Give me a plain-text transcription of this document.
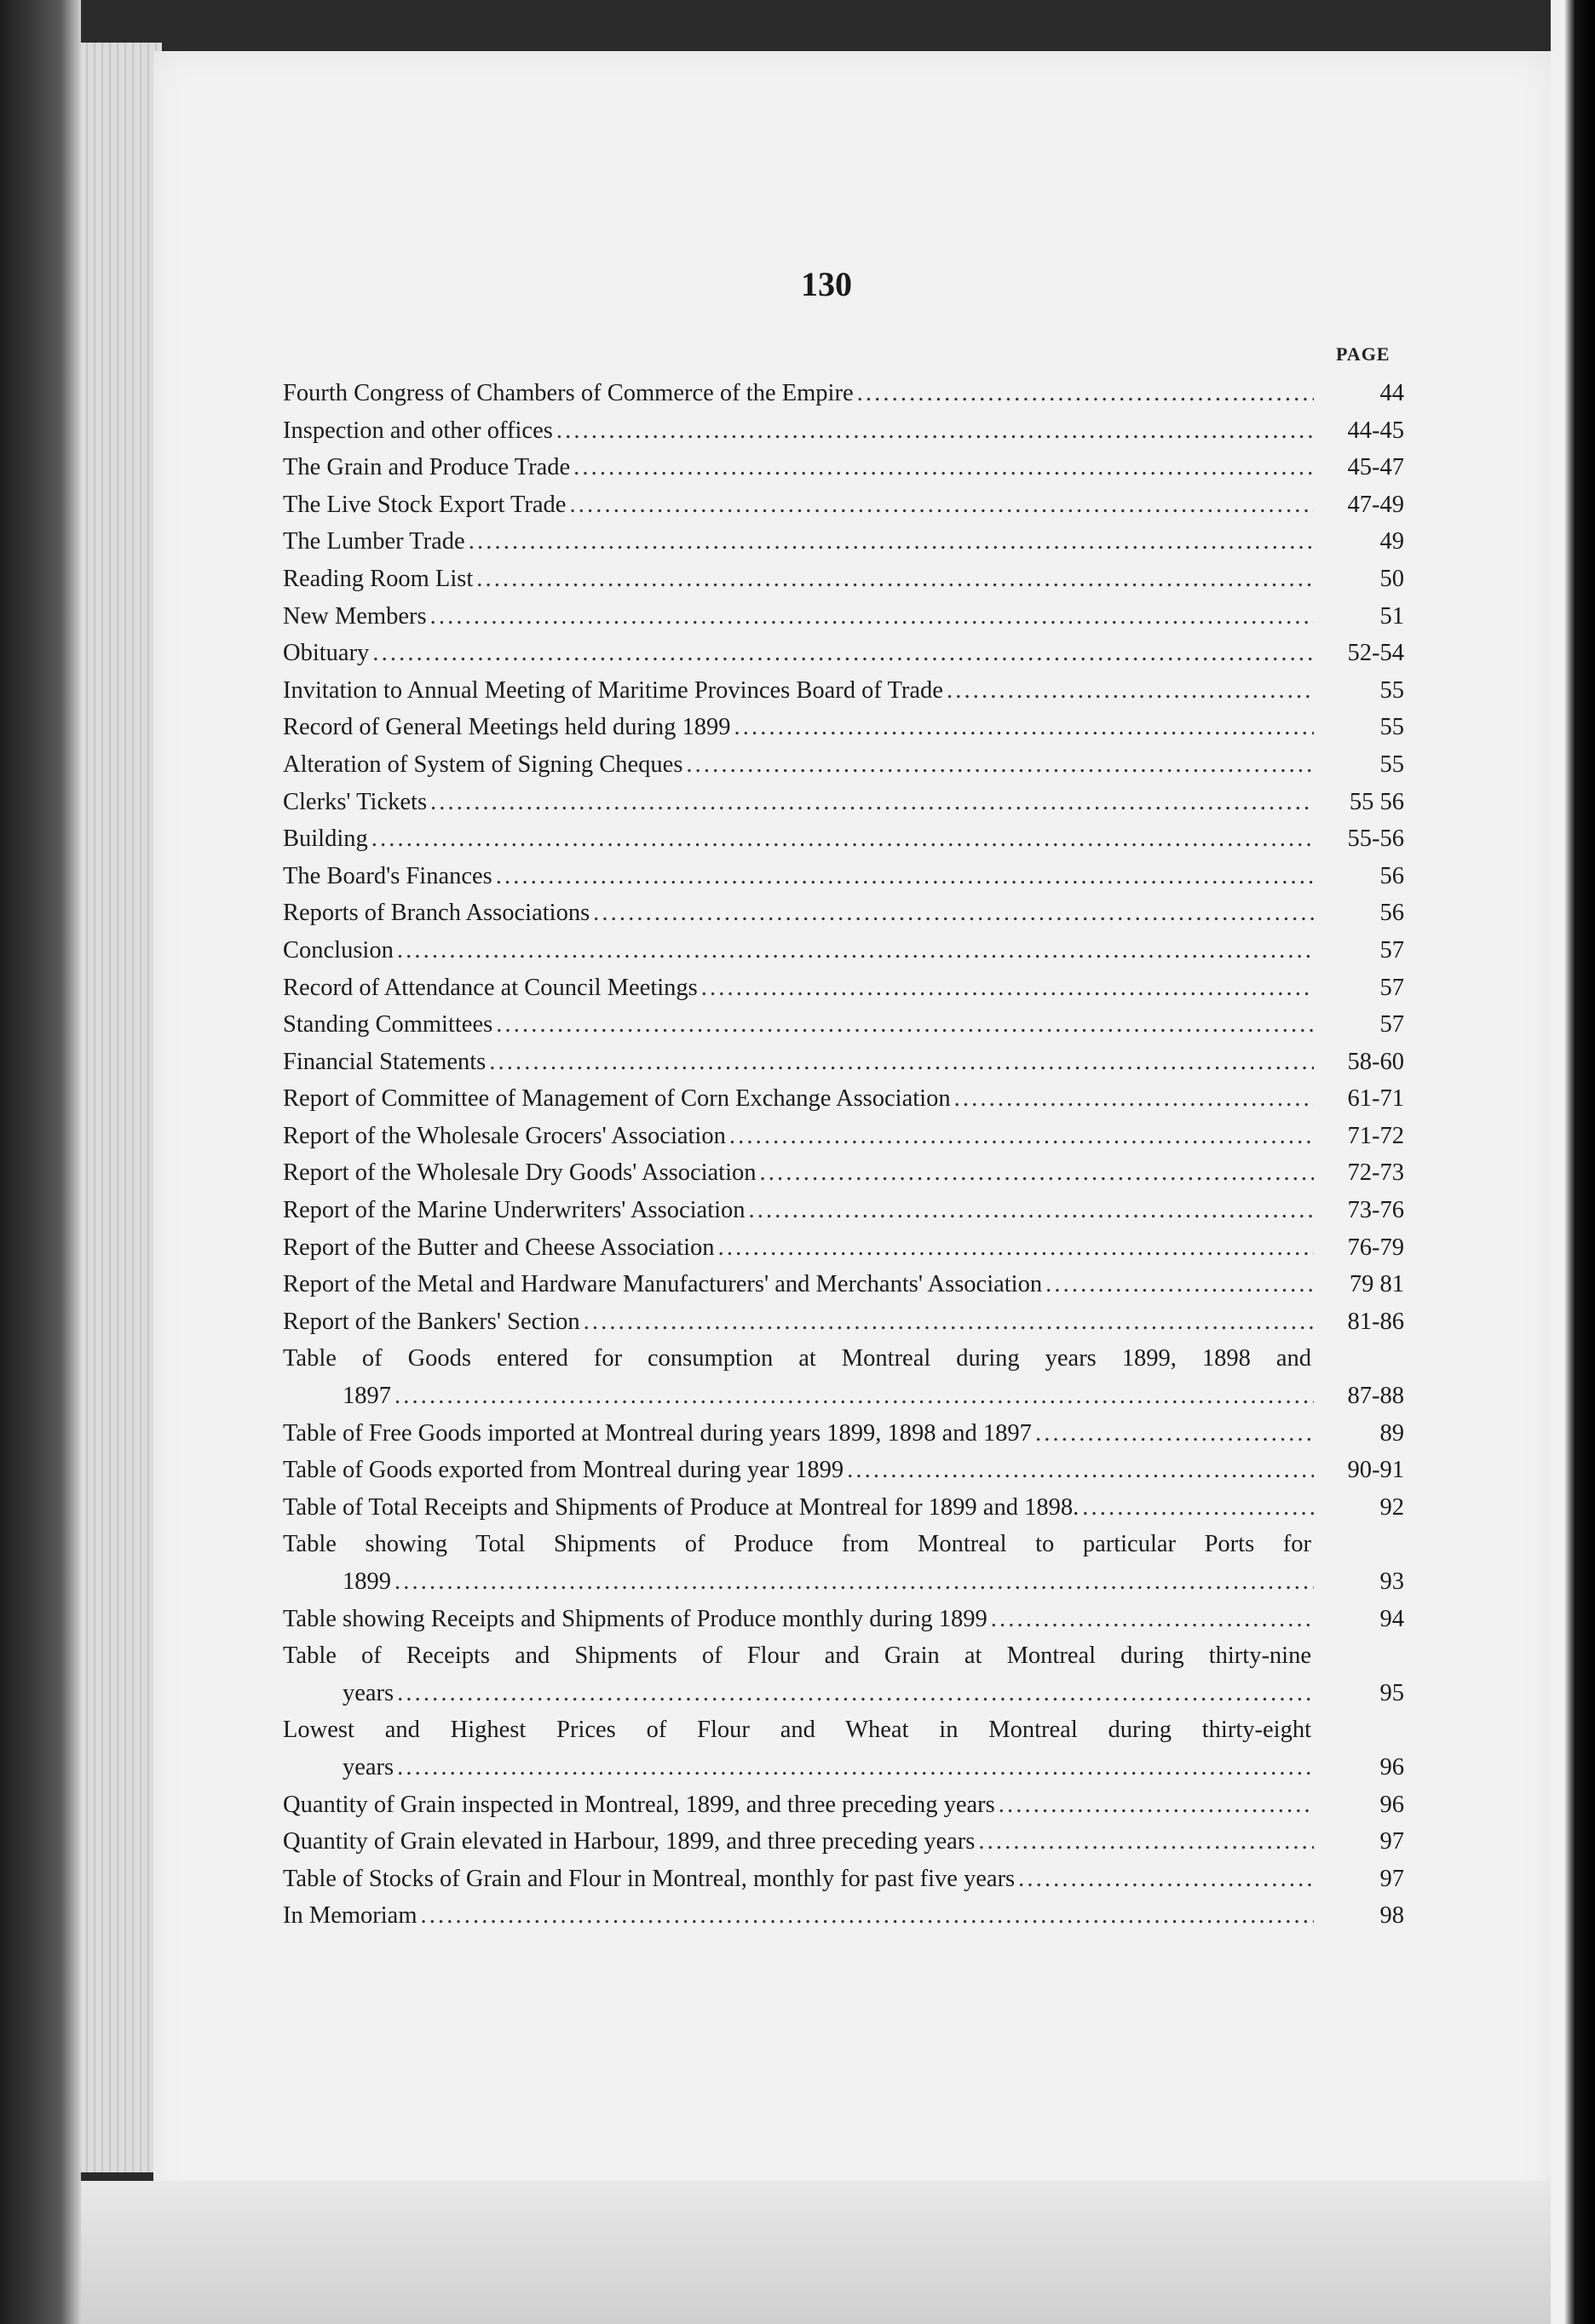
130
PAGE
Fourth Congress of Chambers of Commerce of the Empire . . .	44
Inspection and other offices . . .	44-45
The Grain and Produce Trade . . .	45-47
The Live Stock Export Trade . . .	47-49
The Lumber Trade . . .	49
Reading Room List . . .	50
New Members . . .	51
Obituary . . .	52-54
Invitation to Annual Meeting of Maritime Provinces Board of Trade . . .	55
Record of General Meetings held during 1899 . . .	55
Alteration of System of Signing Cheques . . .	55
Clerks' Tickets . . .	55 56
Building . . .	55-56
The Board's Finances . . .	56
Reports of Branch Associations . . .	56
Conclusion . . .	57
Record of Attendance at Council Meetings . . .	57
Standing Committees . . .	57
Financial Statements . . .	58-60
Report of Committee of Management of Corn Exchange Association . . .	61-71
Report of the Wholesale Grocers' Association . . .	71-72
Report of the Wholesale Dry Goods' Association . . .	72-73
Report of the Marine Underwriters' Association . . .	73-76
Report of the Butter and Cheese Association . . .	76-79
Report of the Metal and Hardware Manufacturers' and Merchants' Association . . .	79 81
Report of the Bankers' Section . . .	81-86
Table of Goods entered for consumption at Montreal during years 1899, 1898 and
1897 . . .	87-88
Table of Free Goods imported at Montreal during years 1899, 1898 and 1897 . . .	89
Table of Goods exported from Montreal during year 1899 . . .	90-91
Table of Total Receipts and Shipments of Produce at Montreal for 1899 and 1898. . . .	92
Table showing Total Shipments of Produce from Montreal to particular Ports for
1899 . . .	93
Table showing Receipts and Shipments of Produce monthly during 1899 . . .	94
Table of Receipts and Shipments of Flour and Grain at Montreal during thirty-nine
years . . .	95
Lowest and Highest Prices of Flour and Wheat in Montreal during thirty-eight
years . . .	96
Quantity of Grain inspected in Montreal, 1899, and three preceding years . . .	96
Quantity of Grain elevated in Harbour, 1899, and three preceding years . . .	97
Table of Stocks of Grain and Flour in Montreal, monthly for past five years . . .	97
In Memoriam . . .	98
